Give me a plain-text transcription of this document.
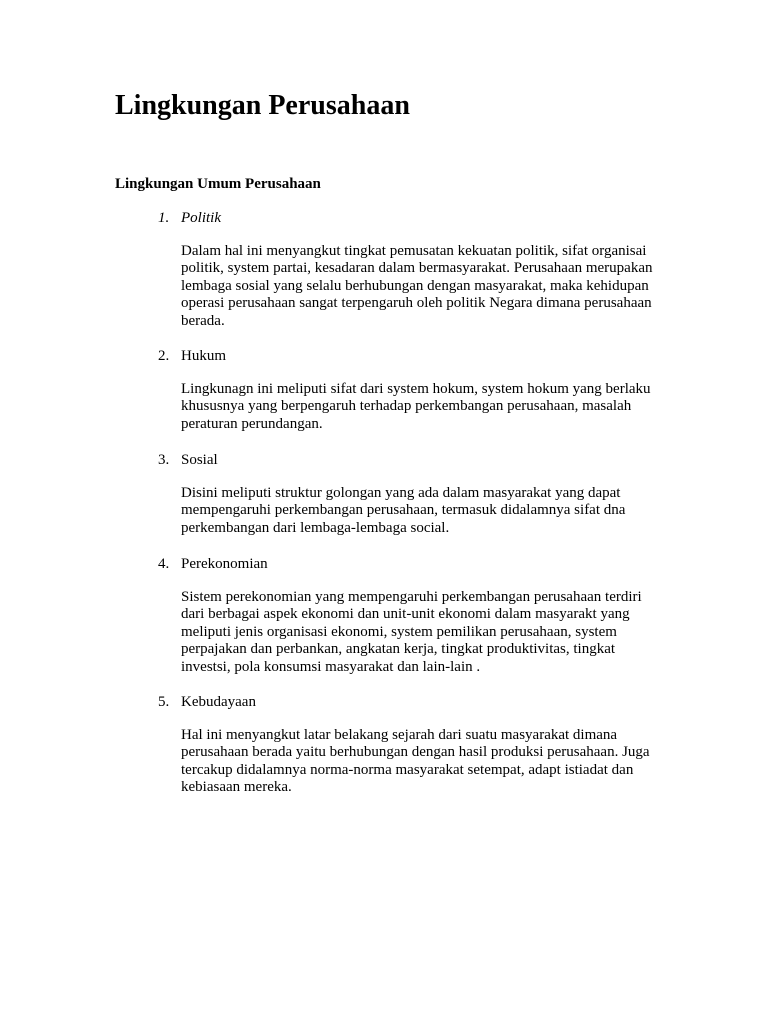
Lingkungan Perusahaan
Lingkungan Umum Perusahaan
1. Politik

Dalam hal ini menyangkut tingkat pemusatan kekuatan politik, sifat organisai
politik, system partai, kesadaran dalam bermasyarakat. Perusahaan merupakan
lembaga sosial yang selalu berhubungan dengan masyarakat, maka kehidupan
operasi perusahaan sangat terpengaruh oleh politik Negara dimana perusahaan
berada.

2. Hukum

Lingkunagn ini meliputi sifat dari system hokum, system hokum yang berlaku
khususnya yang berpengaruh terhadap perkembangan perusahaan, masalah
peraturan perundangan.

3. Sosial

Disini meliputi struktur golongan yang ada dalam masyarakat yang dapat
mempengaruhi perkembangan perusahaan, termasuk didalamnya sifat dna
perkembangan dari lembaga-lembaga social.

4. Perekonomian

Sistem perekonomian yang mempengaruhi perkembangan perusahaan terdiri
dari berbagai aspek ekonomi dan unit-unit ekonomi dalam masyarakt yang
meliputi jenis organisasi ekonomi, system pemilikan perusahaan, system
perpajakan dan perbankan, angkatan kerja, tingkat produktivitas, tingkat
investsi, pola konsumsi masyarakat dan lain-lain .

5. Kebudayaan

Hal ini menyangkut latar belakang sejarah dari suatu masyarakat dimana
perusahaan berada yaitu berhubungan dengan hasil produksi perusahaan. Juga
tercakup didalamnya norma-norma masyarakat setempat, adapt istiadat dan
kebiasaan mereka.
